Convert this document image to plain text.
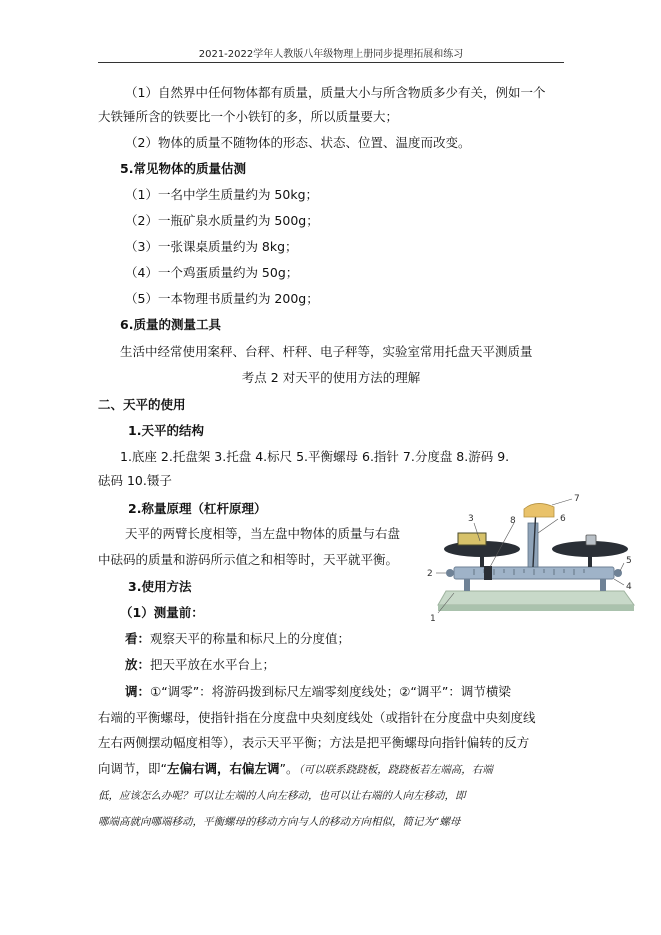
2021-2022学年人教版八年级物理上册同步提理拓展和练习
（1）自然界中任何物体都有质量，质量大小与所含物质多少有关，例如一个
大铁锤所含的铁要比一个小铁钉的多，所以质量要大；
（2）物体的质量不随物体的形态、状态、位置、温度而改变。
5.常见物体的质量估测
（1）一名中学生质量约为 50kg；
（2）一瓶矿泉水质量约为 500g；
（3）一张课桌质量约为 8kg；
（4）一个鸡蛋质量约为 50g；
（5）一本物理书质量约为 200g；
6.质量的测量工具
生活中经常使用案秤、台秤、杆秤、电子秤等，实验室常用托盘天平测质量
考点 2 对天平的使用方法的理解
二、天平的使用
1.天平的结构
1.底座 2.托盘架 3.托盘 4.标尺 5.平衡螺母 6.指针 7.分度盘 8.游码 9.
砝码 10.镊子
2.称量原理（杠杆原理）
天平的两臂长度相等，当左盘中物体的质量与右盘
中砝码的质量和游码所示值之和相等时，天平就平衡。
3.使用方法
（1）测量前：
看：观察天平的称量和标尺上的分度值；
放：把天平放在水平台上；
调：①“调零”：将游码拨到标尺左端零刻度线处；②“调平”：调节横梁
右端的平衡螺母，使指针指在分度盘中央刻度线处（或指针在分度盘中央刻度线
左右两侧摆动幅度相等），表示天平平衡；方法是把平衡螺母向指针偏转的反方
向调节，即“左偏右调，右偏左调”。（可以联系跷跷板，跷跷板若左端高，右端
低，应该怎么办呢？可以让左端的人向左移动，也可以让右端的人向左移动，即
哪端高就向哪端移动，平衡螺母的移动方向与人的移动方向相似，简记为“螺母
1
2
3
4
5
6
7
8
